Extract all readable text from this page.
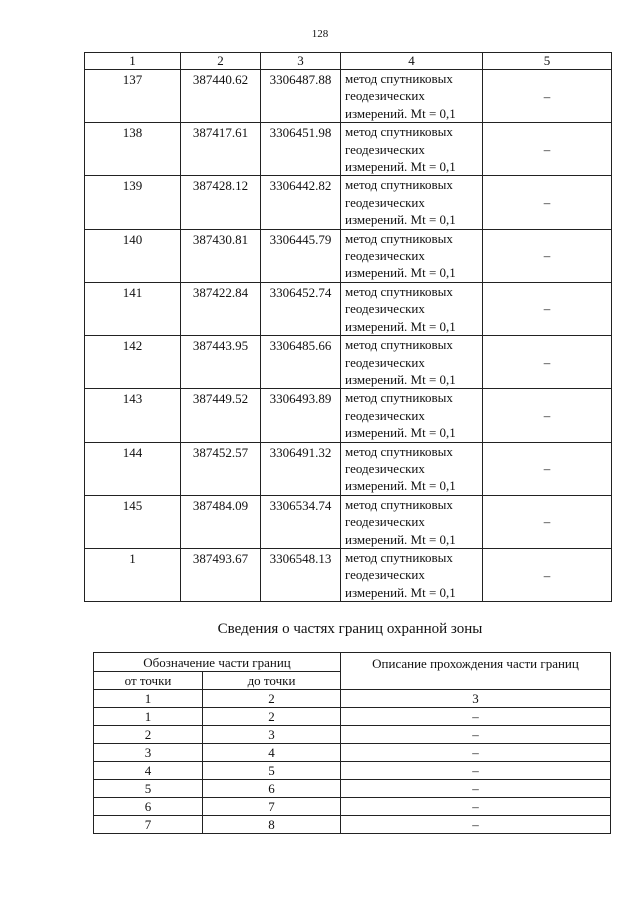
128
1	2	3	4	5
137	387440.62	3306487.88	метод спутниковых
геодезических
измерений. Mt = 0,1	–
138	387417.61	3306451.98	метод спутниковых
геодезических
измерений. Mt = 0,1	–
139	387428.12	3306442.82	метод спутниковых
геодезических
измерений. Mt = 0,1	–
140	387430.81	3306445.79	метод спутниковых
геодезических
измерений. Mt = 0,1	–
141	387422.84	3306452.74	метод спутниковых
геодезических
измерений. Mt = 0,1	–
142	387443.95	3306485.66	метод спутниковых
геодезических
измерений. Mt = 0,1	–
143	387449.52	3306493.89	метод спутниковых
геодезических
измерений. Mt = 0,1	–
144	387452.57	3306491.32	метод спутниковых
геодезических
измерений. Mt = 0,1	–
145	387484.09	3306534.74	метод спутниковых
геодезических
измерений. Mt = 0,1	–
1	387493.67	3306548.13	метод спутниковых
геодезических
измерений. Mt = 0,1	–
Сведения о частях границ охранной зоны
Обозначение части границ		Описание прохождения части границ
от точки	до точки	
1	2	3
1	2	–
2	3	–
3	4	–
4	5	–
5	6	–
6	7	–
7	8	–
